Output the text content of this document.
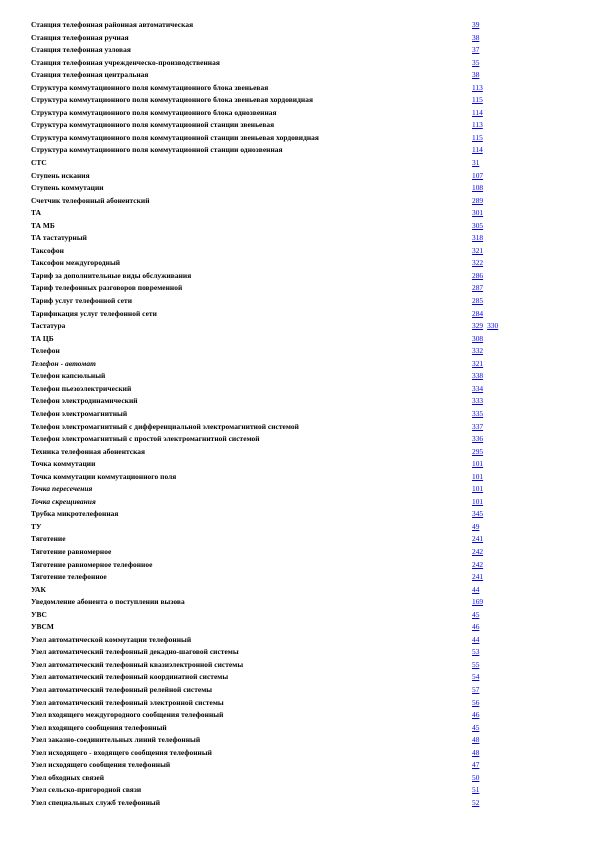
Станция телефонная районная автоматическая	39
Станция телефонная ручная	38
Станция телефонная узловая	37
Станция телефонная учрежденческо-производственная	35
Станция телефонная центральная	38
Структура коммутационного поля коммутационного блока звеньевая	113
Структура коммутационного поля коммутационного блока звеньевая хордовидная	115
Структура коммутационного поля коммутационного блока однозвенная	114
Структура коммутационного поля коммутационной станции звеньевая	113
Структура коммутационного поля коммутационной станции звеньевая хордовидная	115
Структура коммутационного поля коммутационной станции однозвенная	114
СТС	31
Ступень искания	107
Ступень коммутации	108
Счетчик телефонный абонентский	289
ТА	301
ТА МБ	305
ТА тастатурный	318
Таксофон	321
Таксофон междугородный	322
Тариф за дополнительные виды обслуживания	286
Тариф телефонных разговоров повременной	287
Тариф услуг телефонной сети	285
Тарификация услуг телефонной сети	284
Тастатура	329 330
ТА ЦБ	308
Телефон	332
Телефон - автомат	321
Телефон капсюльный	338
Телефон пьезоэлектрический	334
Телефон электродинамический	333
Телефон электромагнитный	335
Телефон электромагнитный с дифференциальной электромагнитной системой	337
Телефон электромагнитный с простой электромагнитной системой	336
Техника телефонная абонентская	295
Точка коммутации	101
Точка коммутации коммутационного поля	101
Точка пересечения	101
Точка скрещивания	101
Трубка микротелефонная	345
ТУ	49
Тяготение	241
Тяготение равномерное	242
Тяготение равномерное телефонное	242
Тяготение телефонное	241
УАК	44
Уведомление абонента о поступлении вызова	169
УВС	45
УВСМ	46
Узел автоматической коммутации телефонный	44
Узел автоматический телефонный декадно-шаговой системы	53
Узел автоматический телефонный квазиэлектронной системы	55
Узел автоматический телефонный координатной системы	54
Узел автоматический телефонный релейной системы	57
Узел автоматический телефонный электронной системы	56
Узел входящего междугородного сообщения телефонный	46
Узел входящего сообщения телефонный	45
Узел заказно-соединительных линий телефонный	48
Узел исходящего - входящего сообщения телефонный	48
Узел исходящего сообщения телефонный	47
Узел обходных связей	50
Узел сельско-пригородной связи	51
Узел специальных служб телефонный	52
